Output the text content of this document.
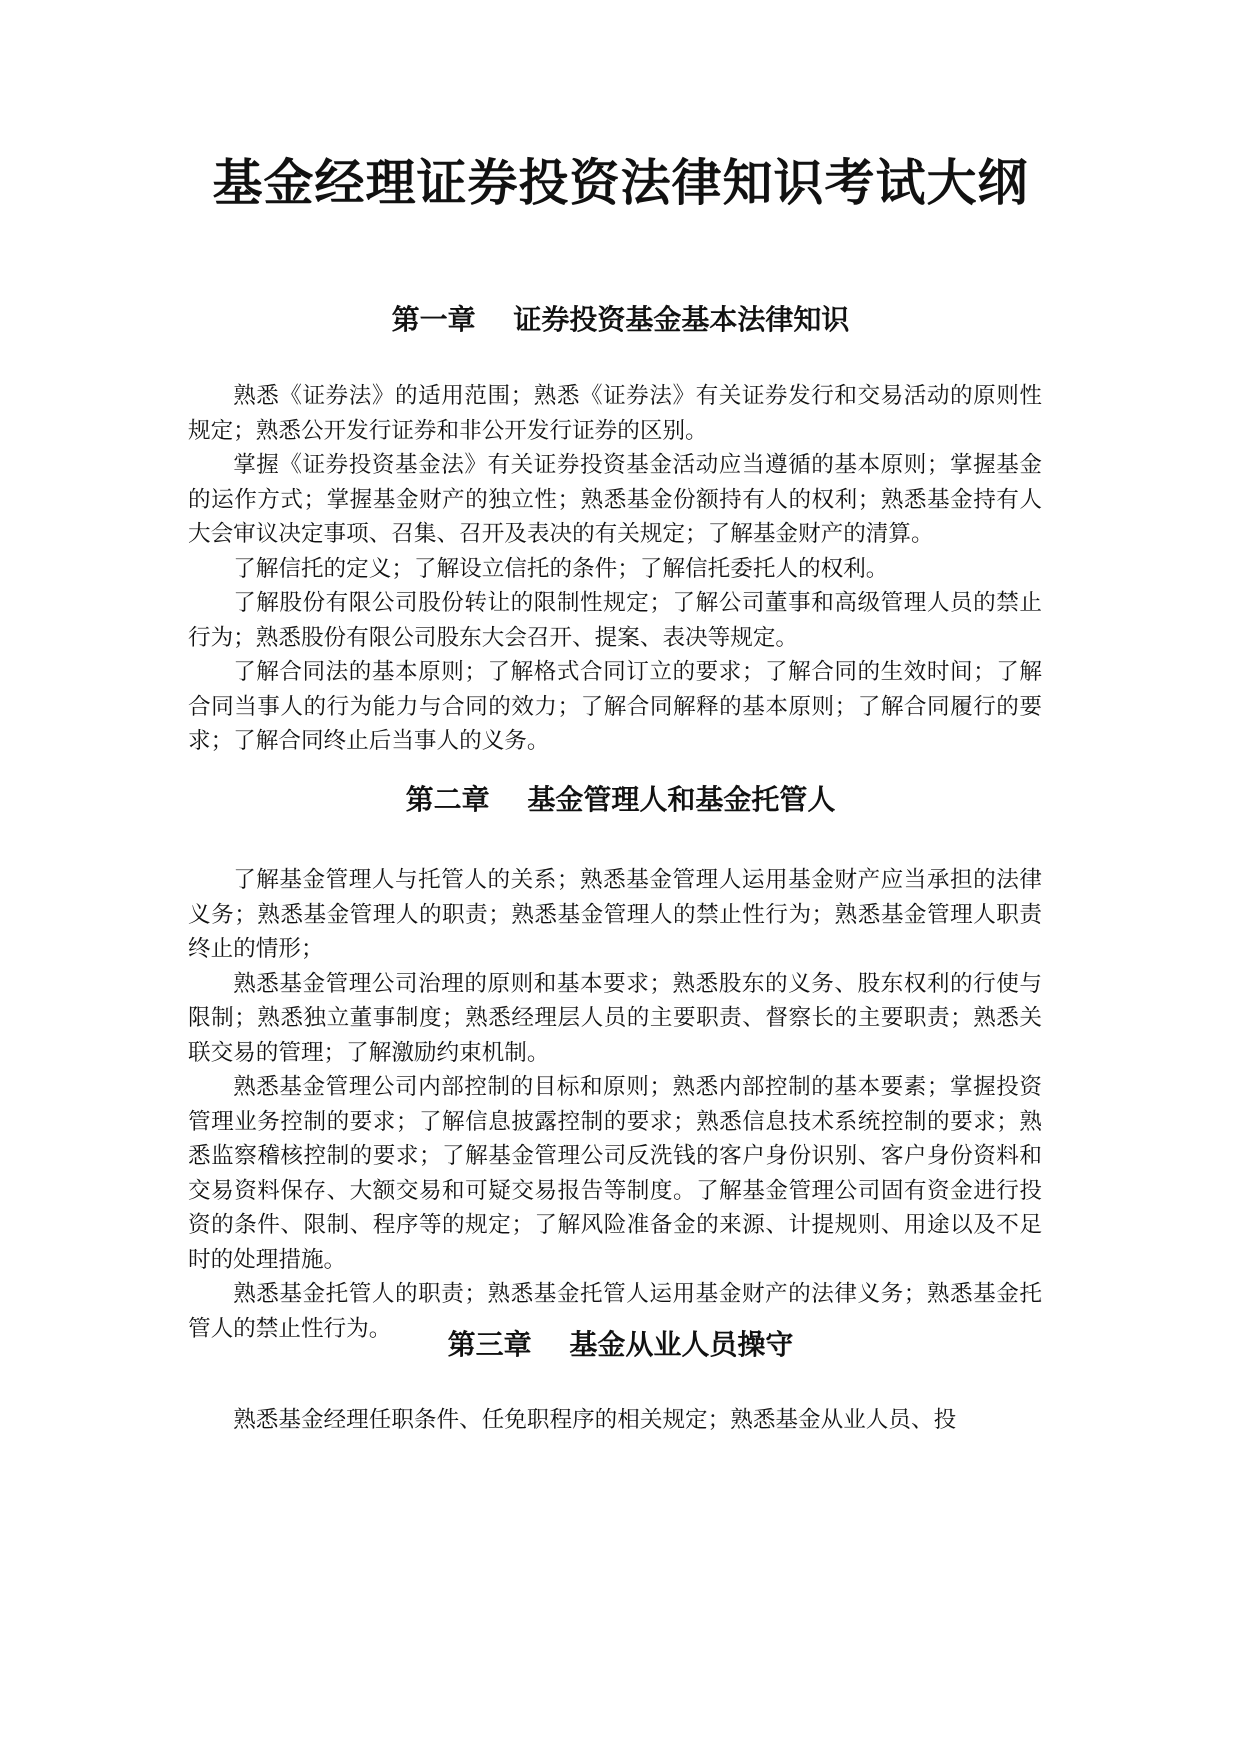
基金经理证券投资法律知识考试大纲
第一章　 证券投资基金基本法律知识

熟悉《证券法》的适用范围；熟悉《证券法》有关证券发行和交易活动的原则性规定；熟悉公开发行证券和非公开发行证券的区别。

掌握《证券投资基金法》有关证券投资基金活动应当遵循的基本原则；掌握基金的运作方式；掌握基金财产的独立性；熟悉基金份额持有人的权利；熟悉基金持有人大会审议决定事项、召集、召开及表决的有关规定；了解基金财产的清算。

了解信托的定义；了解设立信托的条件；了解信托委托人的权利。

了解股份有限公司股份转让的限制性规定；了解公司董事和高级管理人员的禁止行为；熟悉股份有限公司股东大会召开、提案、表决等规定。

了解合同法的基本原则；了解格式合同订立的要求；了解合同的生效时间；了解合同当事人的行为能力与合同的效力；了解合同解释的基本原则；了解合同履行的要求；了解合同终止后当事人的义务。

第二章　 基金管理人和基金托管人

了解基金管理人与托管人的关系；熟悉基金管理人运用基金财产应当承担的法律义务；熟悉基金管理人的职责；熟悉基金管理人的禁止性行为；熟悉基金管理人职责终止的情形；

熟悉基金管理公司治理的原则和基本要求；熟悉股东的义务、股东权利的行使与限制；熟悉独立董事制度；熟悉经理层人员的主要职责、督察长的主要职责；熟悉关联交易的管理；了解激励约束机制。

熟悉基金管理公司内部控制的目标和原则；熟悉内部控制的基本要素；掌握投资管理业务控制的要求；了解信息披露控制的要求；熟悉信息技术系统控制的要求；熟悉监察稽核控制的要求；了解基金管理公司反洗钱的客户身份识别、客户身份资料和交易资料保存、大额交易和可疑交易报告等制度。了解基金管理公司固有资金进行投资的条件、限制、程序等的规定；了解风险准备金的来源、计提规则、用途以及不足时的处理措施。

熟悉基金托管人的职责；熟悉基金托管人运用基金财产的法律义务；熟悉基金托管人的禁止性行为。	第三章　 基金从业人员操守

熟悉基金经理任职条件、任免职程序的相关规定；熟悉基金从业人员、投
